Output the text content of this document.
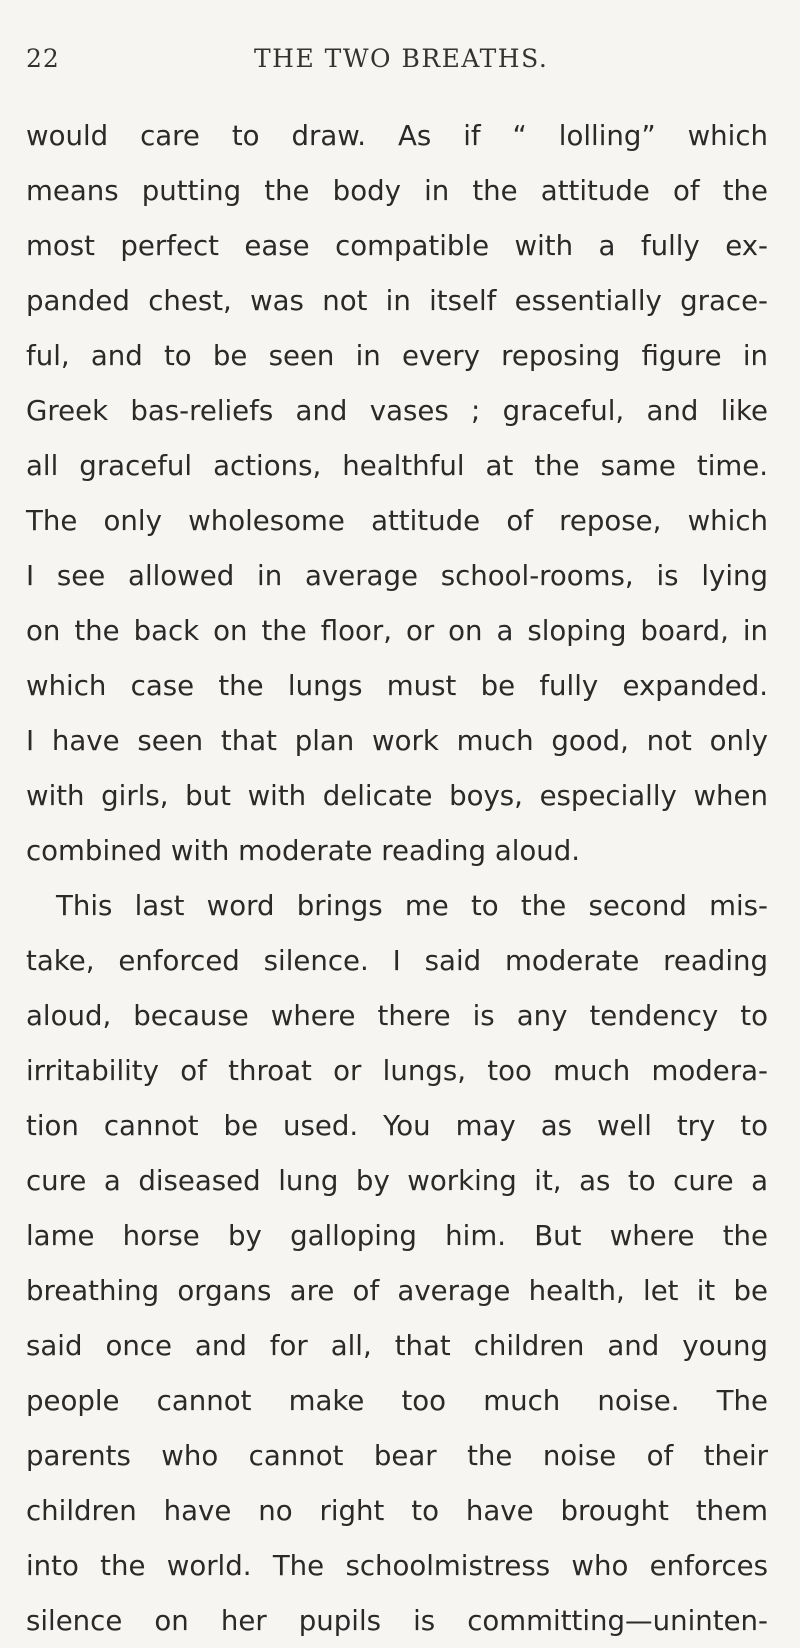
22	THE TWO BREATHS.
would care to draw. As if “ lolling” which
means putting the body in the attitude of the
most perfect ease compatible with a fully ex-
panded chest, was not in itself essentially grace-
ful, and to be seen in every reposing figure in
Greek bas-reliefs and vases ; graceful, and like
all graceful actions, healthful at the same time.
The only wholesome attitude of repose, which
I see allowed in average school-rooms, is lying
on the back on the floor, or on a sloping board, in
which case the lungs must be fully expanded.
I have seen that plan work much good, not only
with girls, but with delicate boys, especially when
combined with moderate reading aloud.
This last word brings me to the second mis-
take, enforced silence. I said moderate reading
aloud, because where there is any tendency to
irritability of throat or lungs, too much modera-
tion cannot be used. You may as well try to
cure a diseased lung by working it, as to cure a
lame horse by galloping him. But where the
breathing organs are of average health, let it be
said once and for all, that children and young
people cannot make too much noise. The
parents who cannot bear the noise of their
children have no right to have brought them
into the world. The schoolmistress who enforces
silence on her pupils is committing—uninten-
